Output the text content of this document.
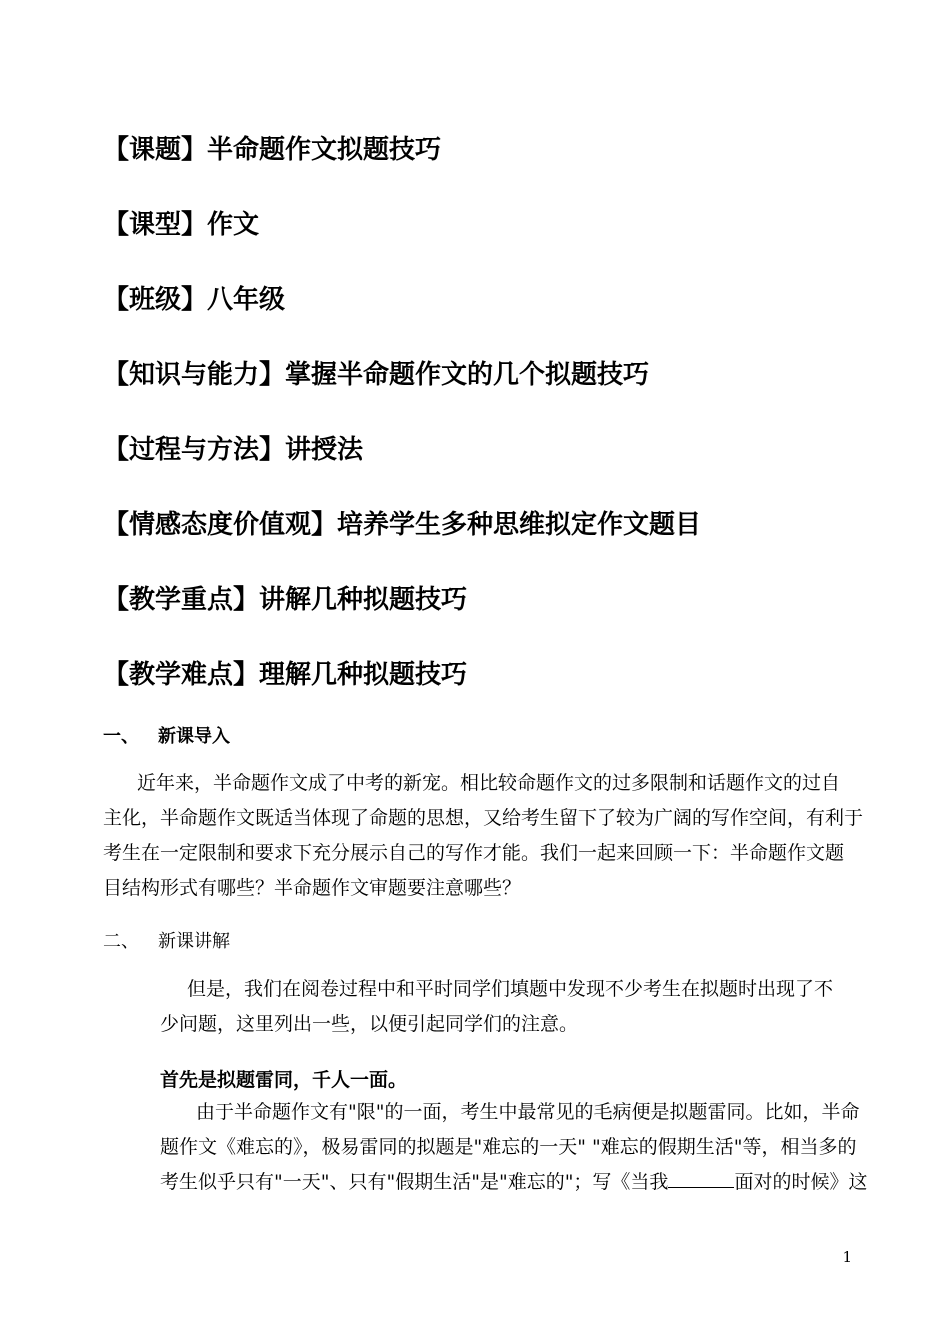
【课题】半命题作文拟题技巧
【课型】作文
【班级】八年级
【知识与能力】掌握半命题作文的几个拟题技巧
【过程与方法】讲授法
【情感态度价值观】培养学生多种思维拟定作文题目
【教学重点】讲解几种拟题技巧
【教学难点】理解几种拟题技巧
一、 新课导入
近年来，半命题作文成了中考的新宠。相比较命题作文的过多限制和话题作文的过自
主化，半命题作文既适当体现了命题的思想，又给考生留下了较为广阔的写作空间，有利于
考生在一定限制和要求下充分展示自己的写作才能。我们一起来回顾一下：半命题作文题
目结构形式有哪些？半命题作文审题要注意哪些？
二、 新课讲解
但是，我们在阅卷过程中和平时同学们填题中发现不少考生在拟题时出现了不
少问题，这里列出一些，以便引起同学们的注意。
首先是拟题雷同，千人一面。
由于半命题作文有"限"的一面，考生中最常见的毛病便是拟题雷同。比如，半命
题作文《难忘的》，极易雷同的拟题是"难忘的一天" "难忘的假期生活"等，相当多的
考生似乎只有"一天"、只有"假期生活"是"难忘的"；写《当我	面对的时候》这
1
